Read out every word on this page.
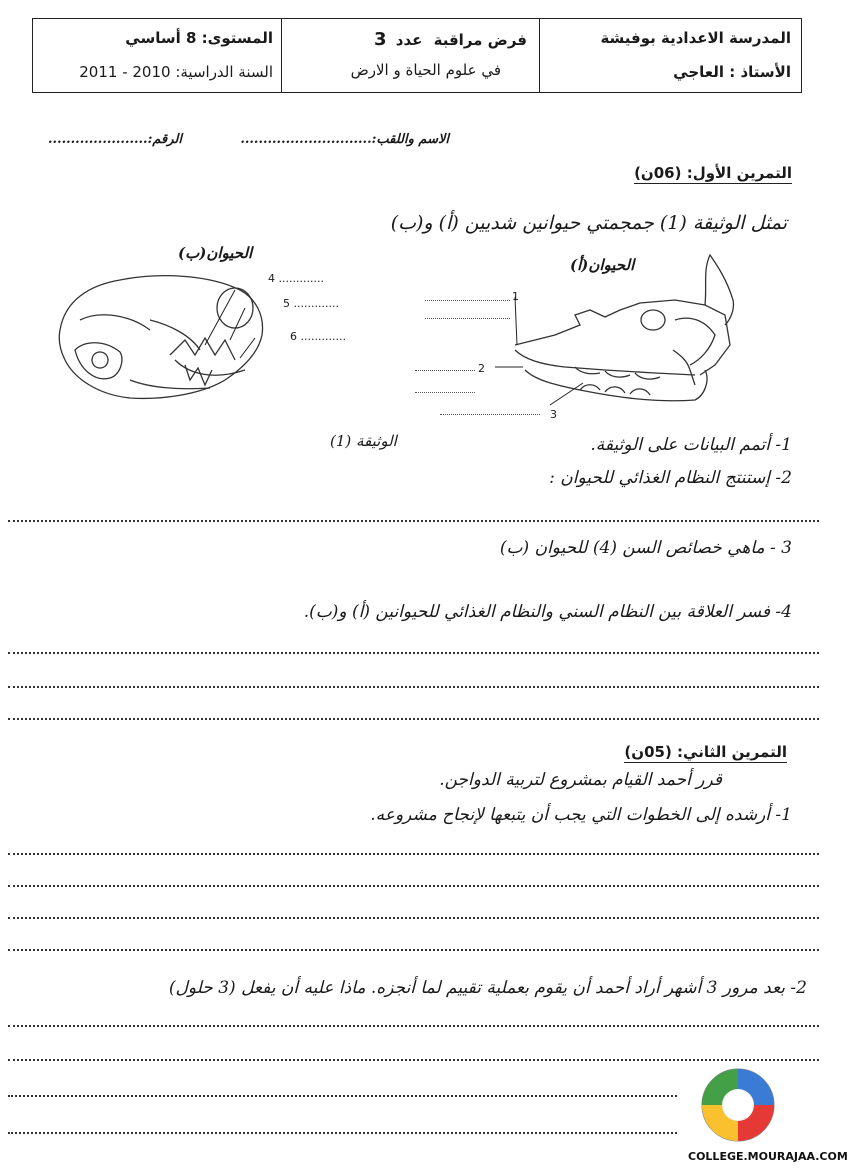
المدرسة الاعدادية بوفيشة
الأستاذ : العاجي
فرض مراقبة عدد 3
في علوم الحياة و الارض
المستوى: 8 أساسي
السنة الدراسية: 2010 - 2011
الاسم واللقب:.............................
الرقم:......................
التمرين الأول: (06ن)
تمثل الوثيقة (1) جمجمتي حيوانين شديين (أ) و(ب)
الحيوان(ب)
الحيوان(أ)
4 .............
5 .............
6 .............
1
2
3
الوثيقة (1)	1- أتمم البيانات على الوثيقة.
2- إستنتج النظام الغذائي للحيوان :
3 - ماهي خصائص السن (4) للحيوان (ب)
4- فسر العلاقة بين النظام السني والنظام الغذائي للحيوانين (أ) و(ب).
التمرين الثاني: (05ن)
قرر أحمد القيام بمشروع لتربية الدواجن.
1- أرشده إلى الخطوات التي يجب أن يتبعها لإنجاح مشروعه.
2- بعد مرور 3 أشهر أراد أحمد أن يقوم بعملية تقييم لما أنجزه. ماذا عليه أن يفعل (3 حلول)
COLLEGE.MOURAJAA.COM
